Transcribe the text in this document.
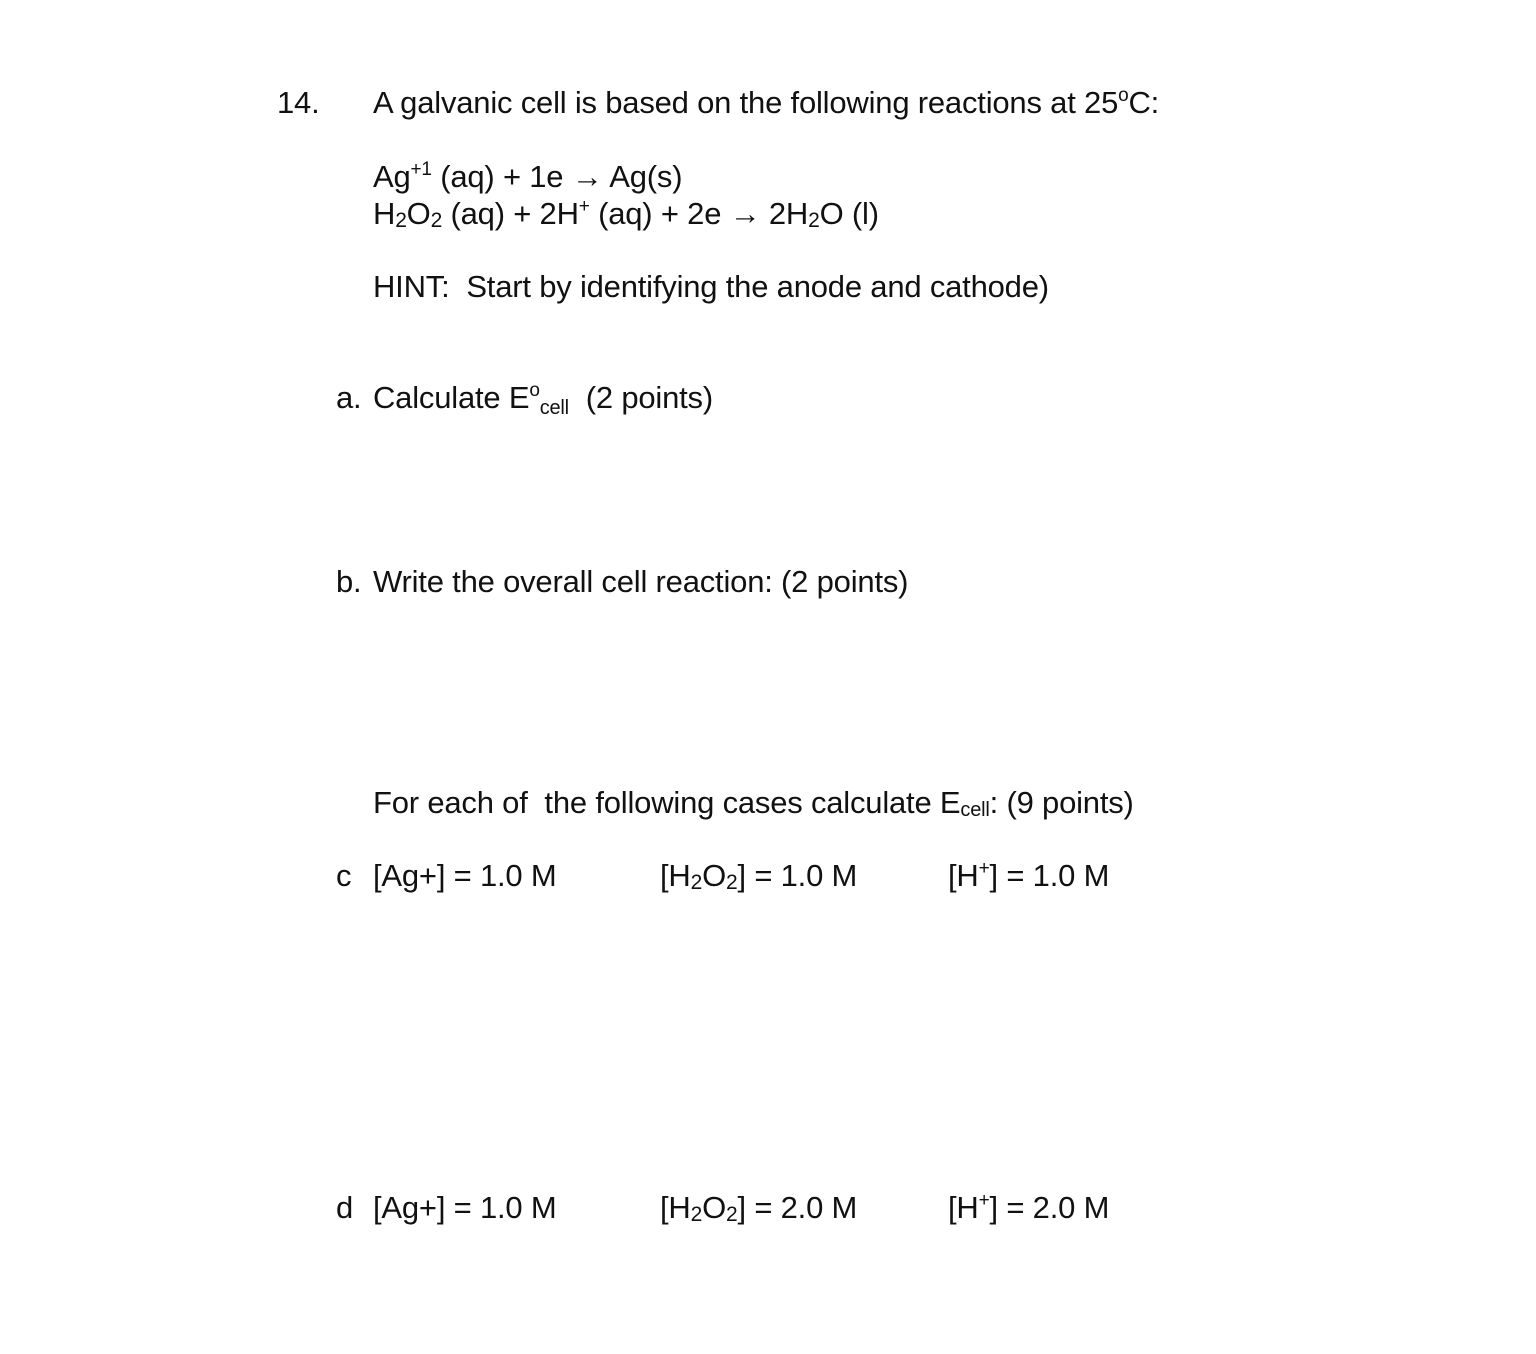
14. A galvanic cell is based on the following reactions at 25$^o$C:
$Ag^{+1}$ (aq) + 1e → Ag(s)
H2O2 (aq) + 2H+ (aq) + 2e → 2H2O (l)
HINT:  Start by identifying the anode and cathode)
a. Calculate $E^ocell$  (2 points)
b. Write the overall cell reaction: (2 points)
For each of  the following cases calculate Ecell: (9 points)
c [Ag+] = 1.0 M	[H2O2] = 1.0 M	[H+] = 1.0 M
d [Ag+] = 1.0 M	[H2O2] = 2.0 M	[H+] = 2.0 M
